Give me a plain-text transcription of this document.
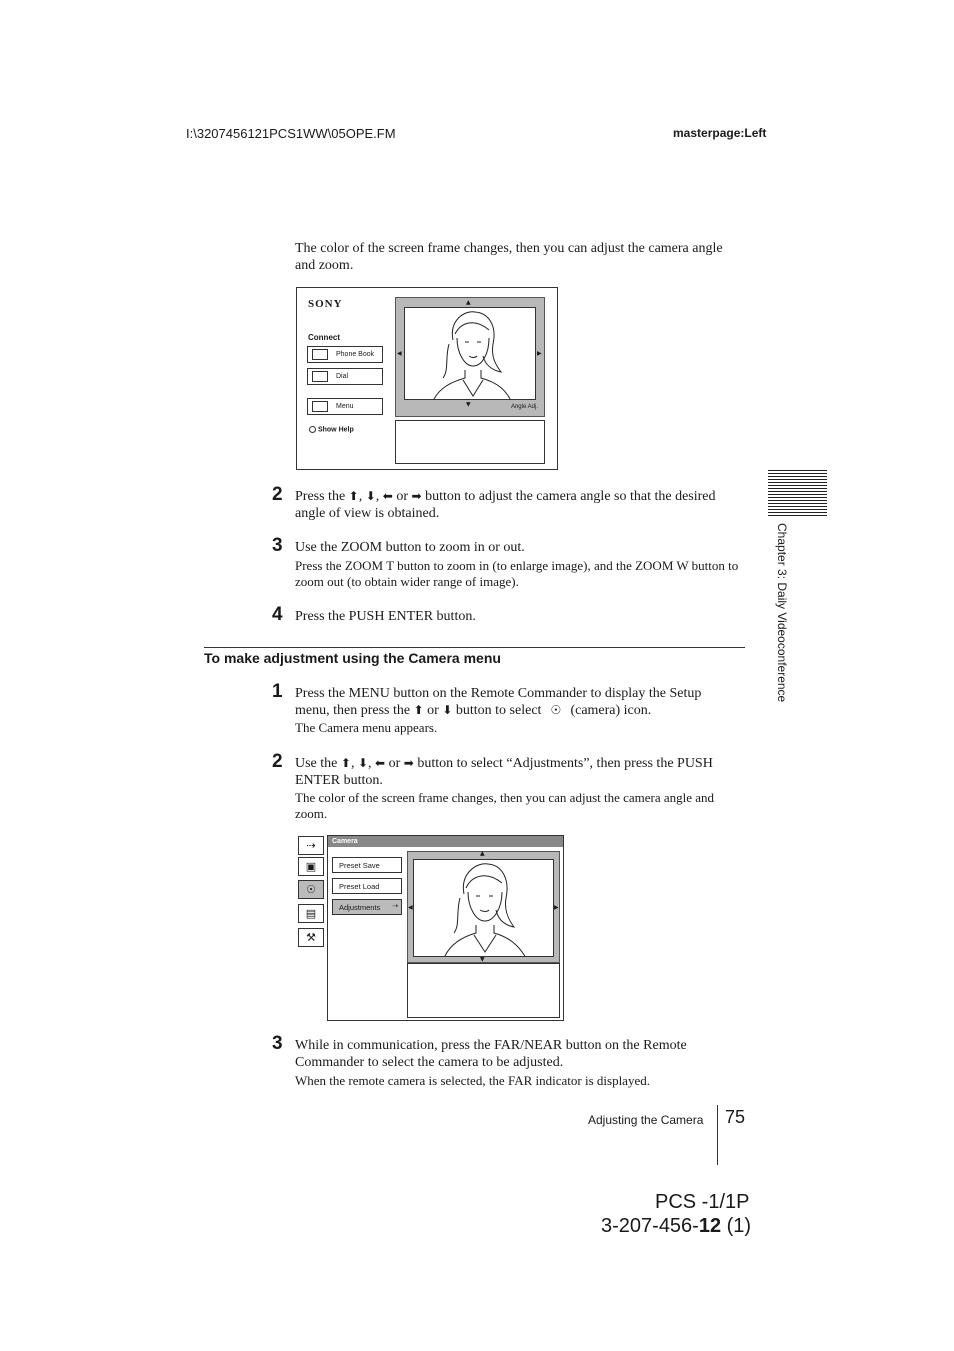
I:\3207456121PCS1WW\05OPE.FM	masterpage:Left
The color of the screen frame changes, then you can adjust the camera angle and zoom.
SONY
Connect
Phone Book
Dial
Menu
Show Help
▲
▼
◀	▶
Angle Adj.
2 Press the ⬆, ⬇, ⬅ or ➡ button to adjust the camera angle so that the desired angle of view is obtained.
3 Use the ZOOM button to zoom in or out.
Press the ZOOM T button to zoom in (to enlarge image), and the ZOOM W button to zoom out (to obtain wider range of image).
4 Press the PUSH ENTER button.
To make adjustment using the Camera menu
1 Press the MENU button on the Remote Commander to display the Setup
menu, then press the ⬆ or ⬇ button to select ☉ (camera) icon.
The Camera menu appears.
2 Use the ⬆, ⬇, ⬅ or ➡ button to select “Adjustments”, then press the PUSH ENTER button.
The color of the screen frame changes, then you can adjust the camera angle and zoom.
⇢
▣
☉
▤
⚒
Camera
Preset Save
Preset Load
Adjustments ⇢
▲
▼
◀	▶
3 While in communication, press the FAR/NEAR button on the Remote Commander to select the camera to be adjusted.
When the remote camera is selected, the FAR indicator is displayed.
Chapter 3: Daily Videoconference
Adjusting the Camera 75
PCS -1/1P
3-207-456-12 (1)
